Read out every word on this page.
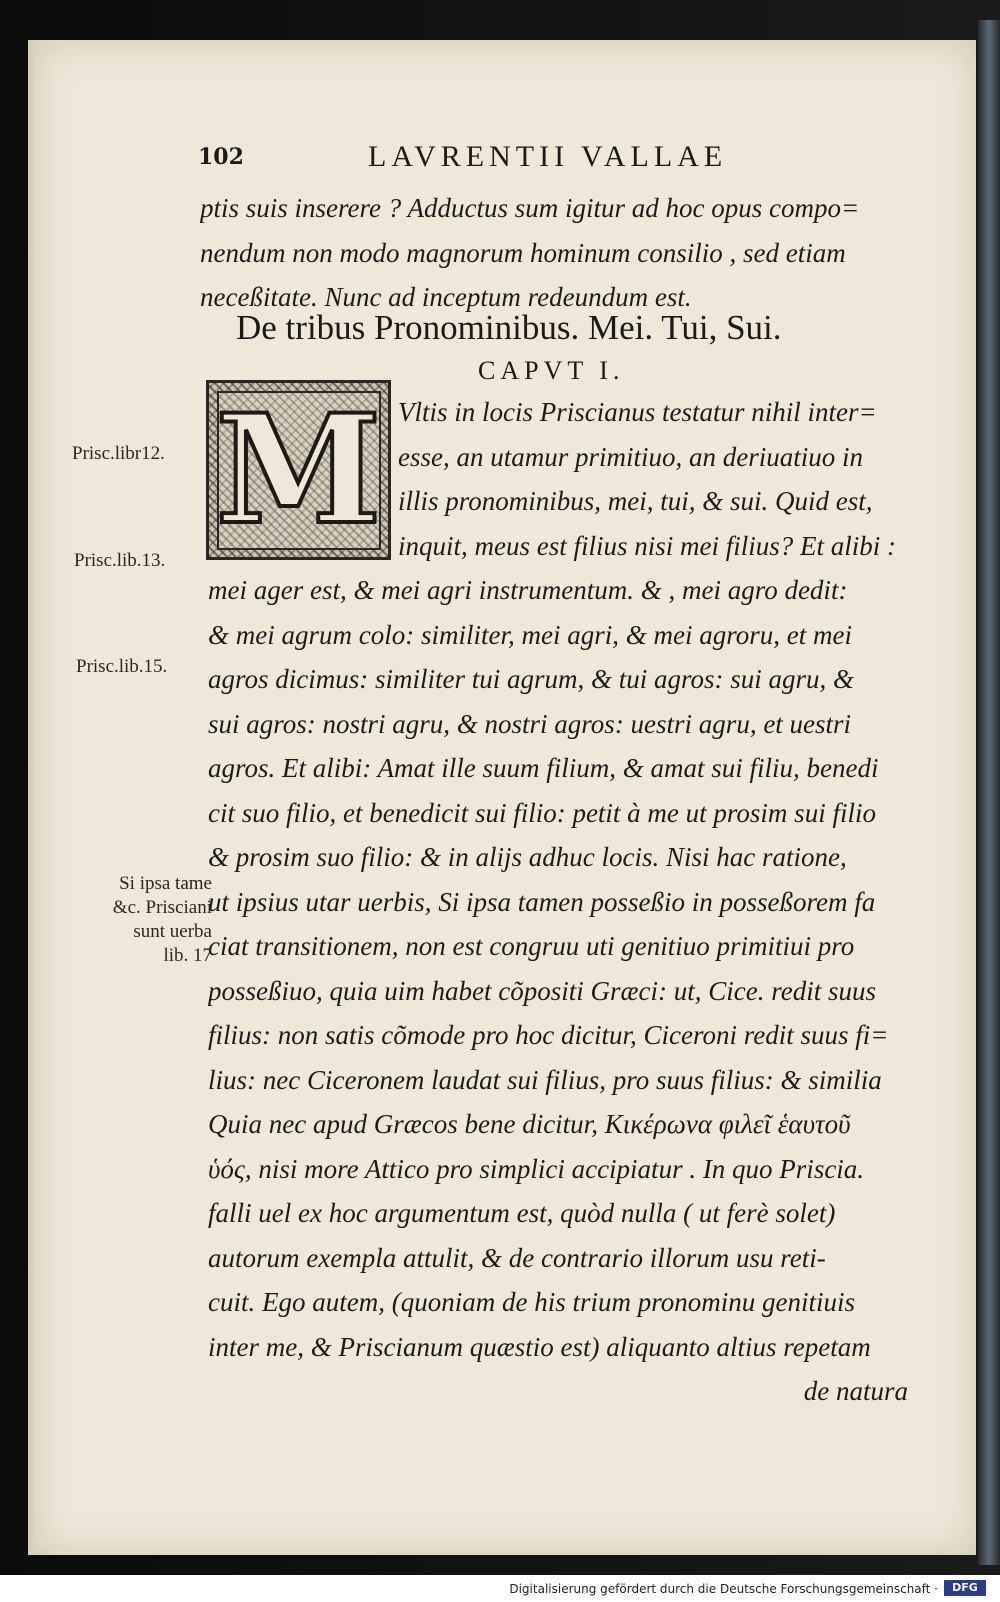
102	LAVRENTII VALLAE
ptis suis inserere ? Adductus sum igitur ad hoc opus compo=
nendum non modo magnorum hominum consilio , sed etiam
neceßitate. Nunc ad inceptum redeundum est.
De tribus Pronominibus. Mei. Tui, Sui.
CAPVT I.
M Vltis in locis Priscianus testatur nihil inter=
esse, an utamur primitiuo, an deriuatiuo in
illis pronominibus, mei, tui, & sui. Quid est,
inquit, meus est filius nisi mei filius? Et alibi :
mei ager est, & mei agri instrumentum. & , mei agro dedit:
& mei agrum colo: similiter, mei agri, & mei agroru, et mei
agros dicimus: similiter tui agrum, & tui agros: sui agru, &
sui agros: nostri agru, & nostri agros: uestri agru, et uestri
agros. Et alibi: Amat ille suum filium, & amat sui filiu, benedi
cit suo filio, et benedicit sui filio: petit à me ut prosim sui filio
& prosim suo filio: & in alijs adhuc locis. Nisi hac ratione,
ut ipsius utar uerbis, Si ipsa tamen posseßio in posseßorem fa
ciat transitionem, non est congruu uti genitiuo primitiui pro
posseßiuo, quia uim habet cõpositi Græci: ut, Cice. redit suus
filius: non satis cõmode pro hoc dicitur, Ciceroni redit suus fi=
lius: nec Ciceronem laudat sui filius, pro suus filius: & similia
Quia nec apud Græcos bene dicitur, Κικέρωνα φιλεῖ ἑαυτοῦ
ὑός, nisi more Attico pro simplici accipiatur . In quo Priscia.
falli uel ex hoc argumentum est, quòd nulla ( ut ferè solet)
autorum exempla attulit, & de contrario illorum usu reti-
cuit. Ego autem, (quoniam de his trium pronominu genitiuis
inter me, & Priscianum quæstio est) aliquanto altius repetam
de natura
Prisc.libr12.
Prisc.lib.13.
Prisc.lib.15.
Si ipsa tame
&c. Prisciani
sunt uerba
lib. 17
Digitalisierung gefördert durch die Deutsche Forschungsgemeinschaft ·	DFG
